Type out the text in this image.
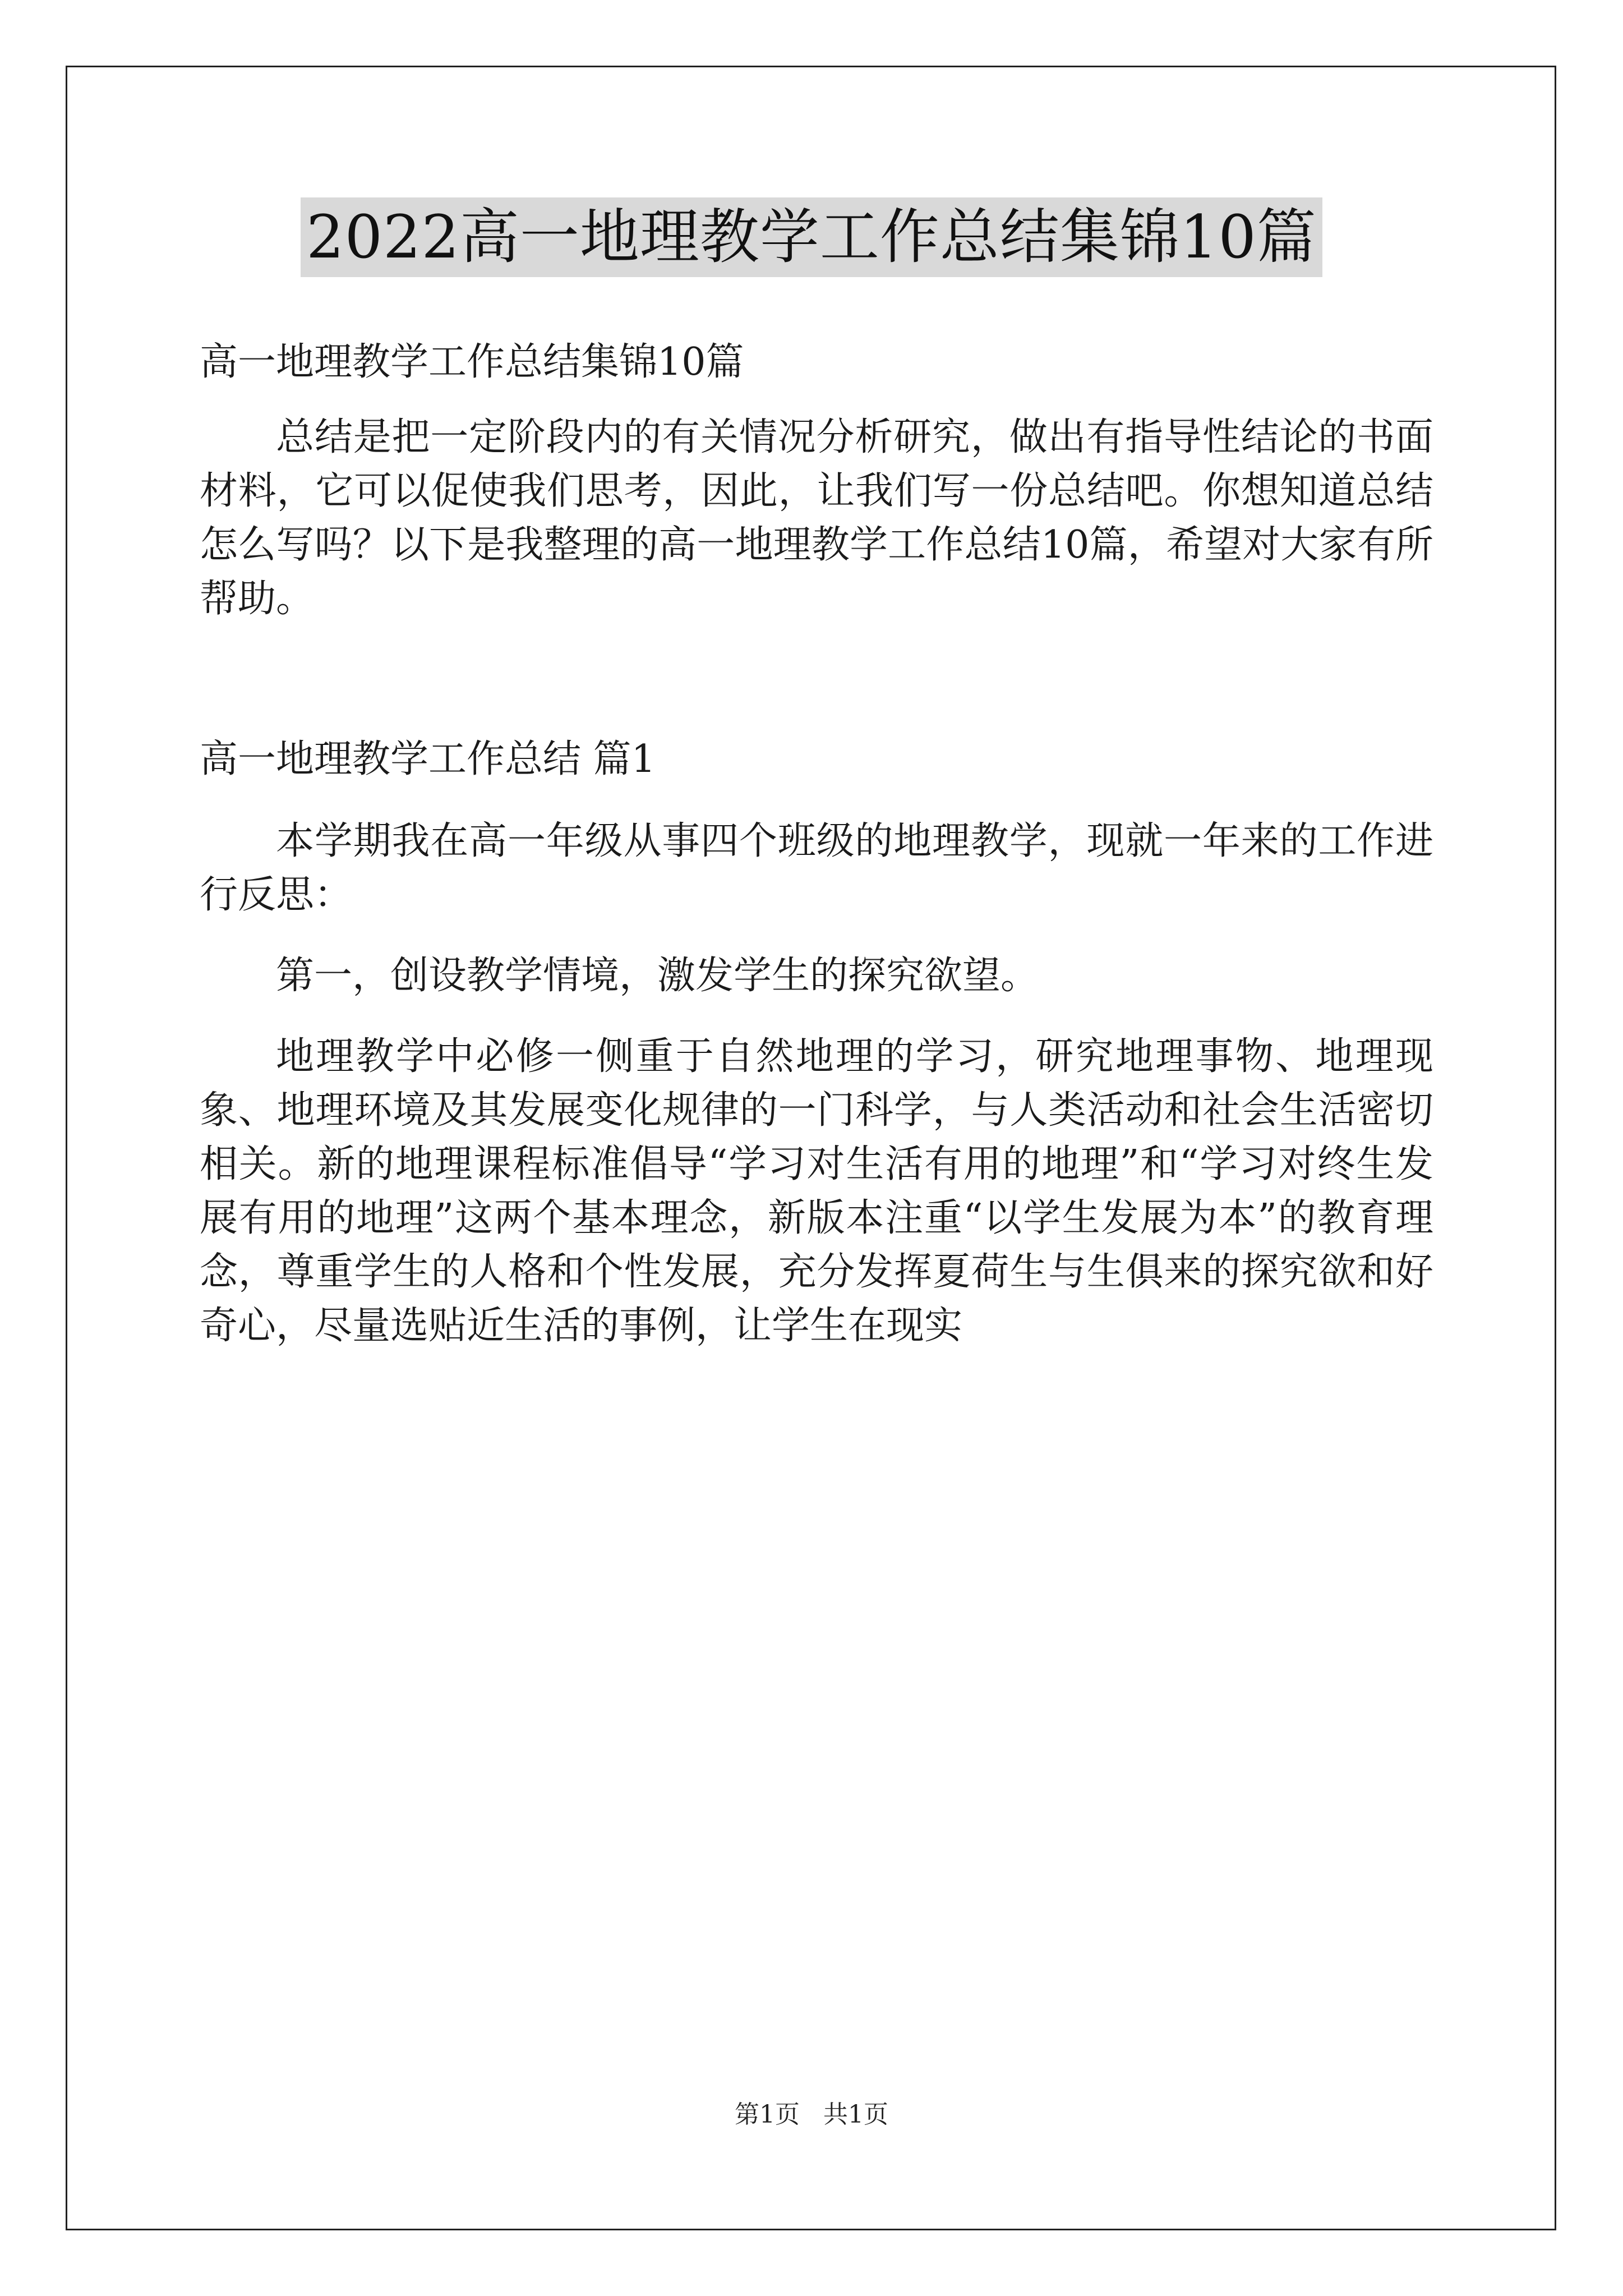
2022高一地理教学工作总结集锦10篇
高一地理教学工作总结集锦10篇

总结是把一定阶段内的有关情况分析研究，做出有指导性结论的书面材料，它可以促使我们思考，因此，让我们写一份总结吧。你想知道总结怎么写吗？以下是我整理的高一地理教学工作总结10篇，希望对大家有所帮助。

高一地理教学工作总结 篇1

本学期我在高一年级从事四个班级的地理教学，现就一年来的工作进行反思：

第一，创设教学情境，激发学生的探究欲望。

地理教学中必修一侧重于自然地理的学习，研究地理事物、地理现象、地理环境及其发展变化规律的一门科学，与人类活动和社会生活密切相关。新的地理课程标准倡导“学习对生活有用的地理”和“学习对终生发展有用的地理”这两个基本理念，新版本注重“以学生发展为本”的教育理念，尊重学生的人格和个性发展，充分发挥夏荷生与生俱来的探究欲和好奇心，尽量选贴近生活的事例，让学生在现实

第1页 共1页
